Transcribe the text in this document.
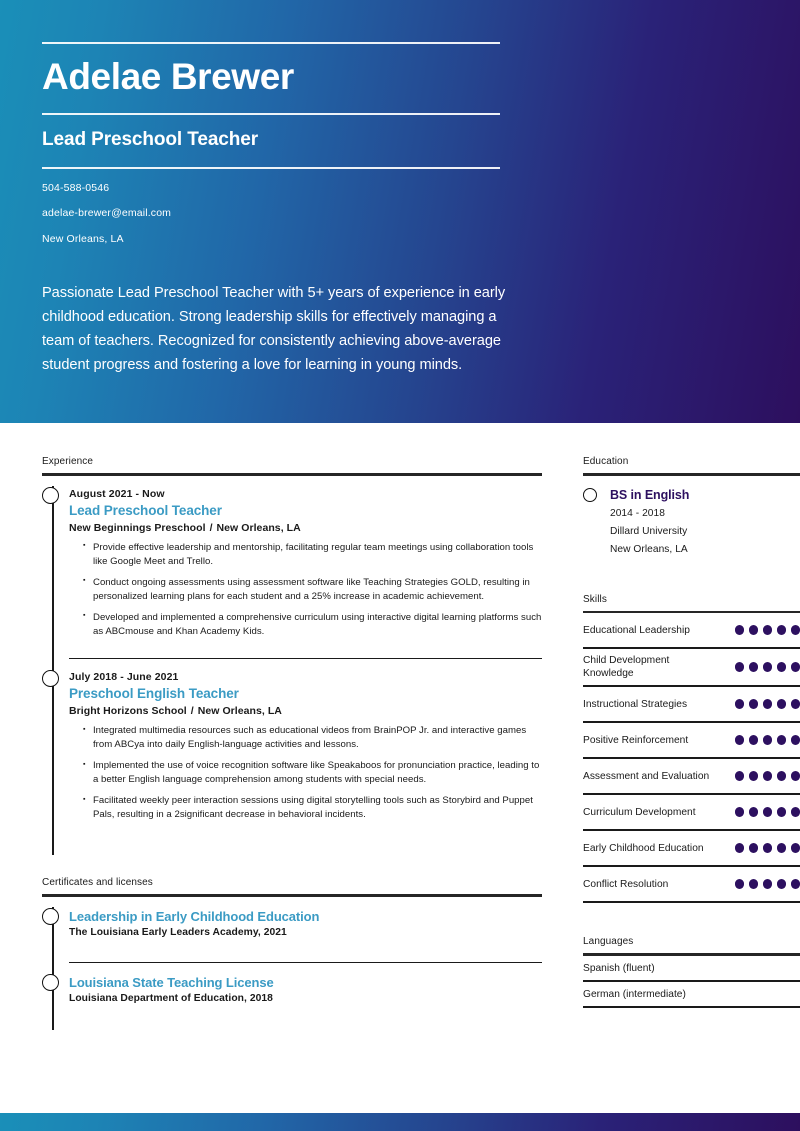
Adelae Brewer
Lead Preschool Teacher
504-588-0546
adelae-brewer@email.com
New Orleans, LA
Passionate Lead Preschool Teacher with 5+ years of experience in early childhood education. Strong leadership skills for effectively managing a team of teachers. Recognized for consistently achieving above-average student progress and fostering a love for learning in young minds.
Experience
August 2021 - Now
Lead Preschool Teacher
New Beginnings Preschool / New Orleans, LA
▪ Provide effective leadership and mentorship, facilitating regular team meetings using collaboration tools like Google Meet and Trello.
▪ Conduct ongoing assessments using assessment software like Teaching Strategies GOLD, resulting in personalized learning plans for each student and a 25% increase in academic achievement.
▪ Developed and implemented a comprehensive curriculum using interactive digital learning platforms such as ABCmouse and Khan Academy Kids.
July 2018 - June 2021
Preschool English Teacher
Bright Horizons School / New Orleans, LA
▪ Integrated multimedia resources such as educational videos from BrainPOP Jr. and interactive games from ABCya into daily English-language activities and lessons.
▪ Implemented the use of voice recognition software like Speakaboos for pronunciation practice, leading to a better English language comprehension among students with special needs.
▪ Facilitated weekly peer interaction sessions using digital storytelling tools such as Storybird and Puppet Pals, resulting in a 2significant decrease in behavioral incidents.
Certificates and licenses
Leadership in Early Childhood Education
The Louisiana Early Leaders Academy, 2021
Louisiana State Teaching License
Louisiana Department of Education, 2018
Education
BS in English
2014 - 2018
Dillard University
New Orleans, LA
Skills
Educational Leadership
Child Development Knowledge
Instructional Strategies
Positive Reinforcement
Assessment and Evaluation
Curriculum Development
Early Childhood Education
Conflict Resolution
Languages
Spanish (fluent)
German (intermediate)
